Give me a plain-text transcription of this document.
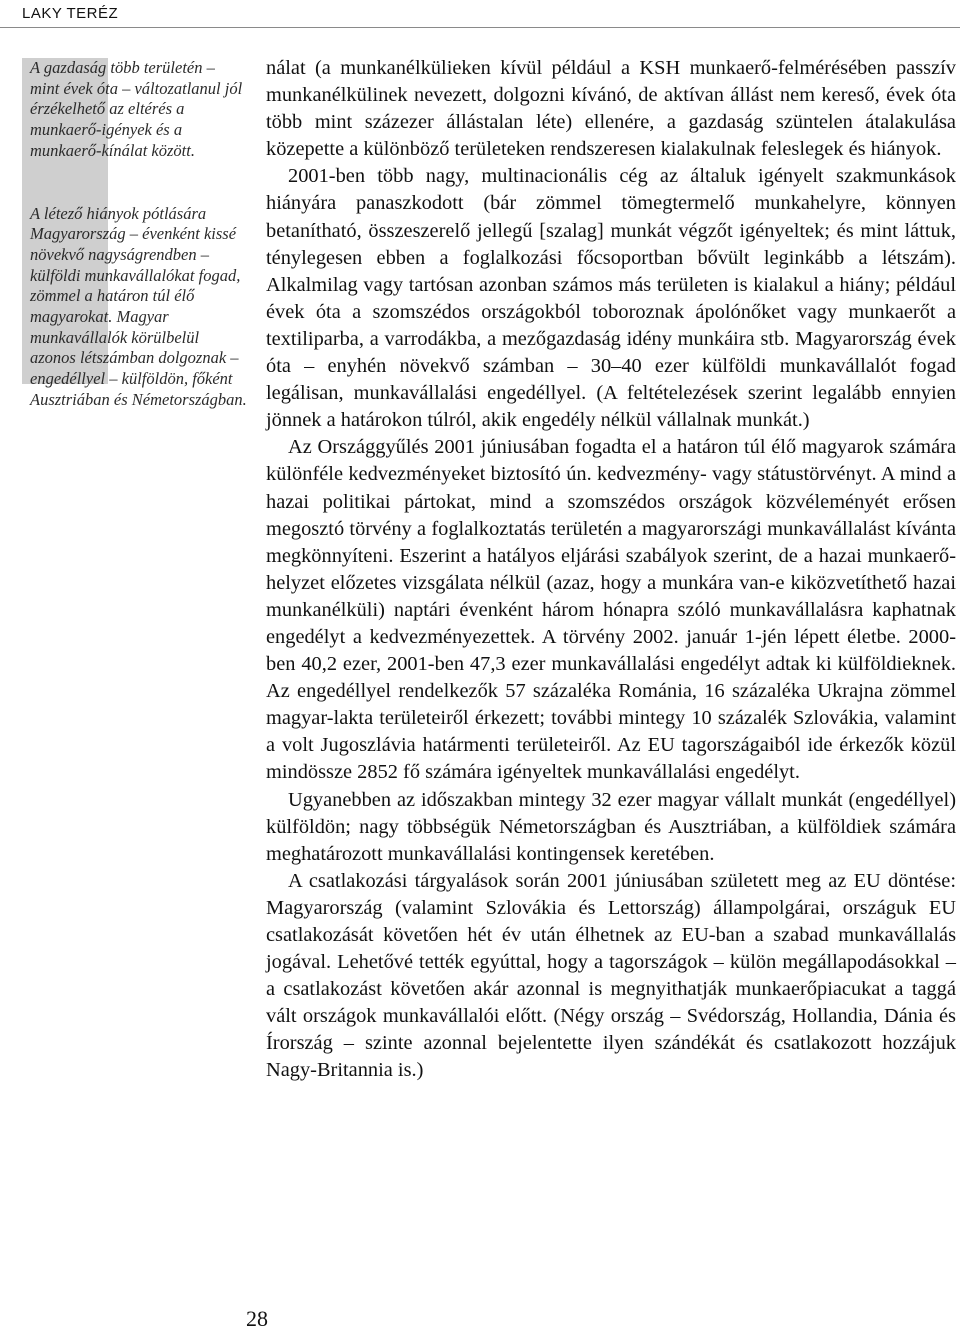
LAKY TERÉZ

A gazdaság több területén – mint évek óta – változatlanul jól érzékelhető az eltérés a munkaerő-igények és a munkaerő-kínálat között.

A létező hiányok pótlására Magyarország – évenként kissé növekvő nagyságrendben – külföldi munkavállalókat fogad, zömmel a határon túl élő magyarokat. Magyar munkavállalók körülbelül azonos létszámban dolgoznak – engedéllyel – külföldön, főként Ausztriában és Németországban.

nálat (a munkanélkülieken kívül például a KSH munkaerő-felmérésében passzív munkanélkülinek nevezett, dolgozni kívánó, de aktívan állást nem kereső, évek óta több mint százezer állástalan léte) ellenére, a gazdaság szüntelen átalakulása közepette a különböző területeken rendszeresen kialakulnak feleslegek és hiányok.

2001-ben több nagy, multinacionális cég az általuk igényelt szakmunkások hiányára panaszkodott (bár zömmel tömegtermelő munkahelyre, könnyen betanítható, összeszerelő jellegű [szalag] munkát végzőt igényeltek; és mint láttuk, ténylegesen ebben a foglalkozási főcsoportban bővült leginkább a létszám). Alkalmilag vagy tartósan azonban számos más területen is kialakul a hiány; például évek óta a szomszédos országokból toboroznak ápolónőket vagy munkaerőt a textiliparba, a varrodákba, a mezőgazdaság idény munkáira stb. Magyarország évek óta – enyhén növekvő számban – 30–40 ezer külföldi munkavállalót fogad legálisan, munkavállalási engedéllyel. (A feltételezések szerint legalább ennyien jönnek a határokon túlról, akik engedély nélkül vállalnak munkát.)

Az Országgyűlés 2001 júniusában fogadta el a határon túl élő magyarok számára különféle kedvezményeket biztosító ún. kedvezmény- vagy státustörvényt. A mind a hazai politikai pártokat, mind a szomszédos országok közvéleményét erősen megosztó törvény a foglalkoztatás területén a magyarországi munkavállalást kívánta megkönnyíteni. Eszerint a hatályos eljárási szabályok szerint, de a hazai munkaerő-helyzet előzetes vizsgálata nélkül (azaz, hogy a munkára van-e kiközvetíthető hazai munkanélküli) naptári évenként három hónapra szóló munkavállalásra kaphatnak engedélyt a kedvezményezettek. A törvény 2002. január 1-jén lépett életbe. 2000-ben 40,2 ezer, 2001-ben 47,3 ezer munkavállalási engedélyt adtak ki külföldieknek. Az engedéllyel rendelkezők 57 százaléka Románia, 16 százaléka Ukrajna zömmel magyar-lakta területeiről érkezett; további mintegy 10 százalék Szlovákia, valamint a volt Jugoszlávia határmenti területeiről. Az EU tagországaiból ide érkezők közül mindössze 2852 fő számára igényeltek munkavállalási engedélyt.

Ugyanebben az időszakban mintegy 32 ezer magyar vállalt munkát (engedéllyel) külföldön; nagy többségük Németországban és Ausztriában, a külföldiek számára meghatározott munkavállalási kontingensek keretében.

A csatlakozási tárgyalások során 2001 júniusában született meg az EU döntése: Magyarország (valamint Szlovákia és Lettország) állampolgárai, országuk EU csatlakozását követően hét év után élhetnek az EU-ban a szabad munkavállalás jogával. Lehetővé tették egyúttal, hogy a tagországok – külön megállapodásokkal – a csatlakozást követően akár azonnal is megnyithatják munkaerőpiacukat a taggá vált országok munkavállalói előtt. (Négy ország – Svédország, Hollandia, Dánia és Írország – szinte azonnal bejelentette ilyen szándékát és csatlakozott hozzájuk Nagy-Britannia is.)

28
